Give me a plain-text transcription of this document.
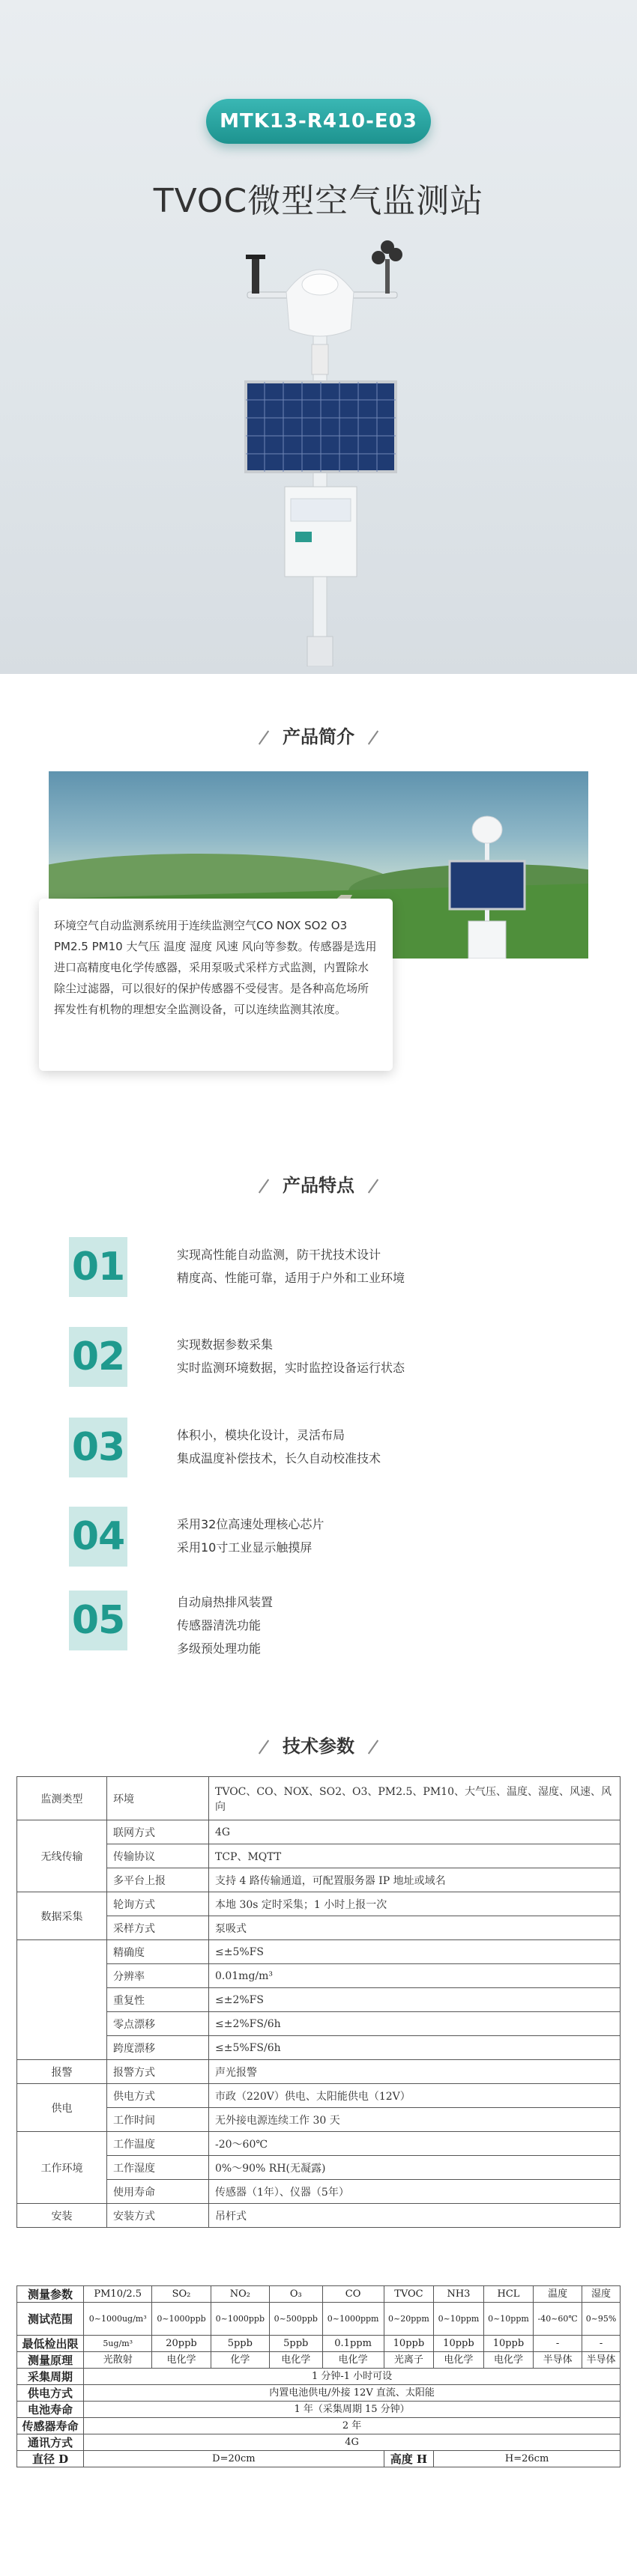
MTK13-R410-E03
TVOC微型空气监测站
产品简介
环境空气自动监测系统用于连续监测空气CO NOX SO2 O3 PM2.5 PM10 大气压 温度 湿度 风速 风向等参数。传感器是选用进口高精度电化学传感器，采用泵吸式采样方式监测，内置除水除尘过滤器，可以很好的保护传感器不受侵害。是各种高危场所挥发性有机物的理想安全监测设备，可以连续监测其浓度。
产品特点
01	实现高性能自动监测，防干扰技术设计
精度高、性能可靠，适用于户外和工业环境
02	实现数据参数采集
实时监测环境数据，实时监控设备运行状态
03	体积小，模块化设计，灵活布局
集成温度补偿技术，长久自动校准技术
04	采用32位高速处理核心芯片
采用10寸工业显示触摸屏
05	自动扇热排风装置
传感器清洗功能
多级预处理功能
技术参数
监测类型	环境	TVOC、CO、NOX、SO2、O3、PM2.5、PM10、大气压、温度、湿度、风速、风向
无线传输	联网方式	4G
	传输协议	TCP、MQTT
	多平台上报	支持 4 路传输通道，可配置服务器 IP 地址或域名
数据采集	轮询方式	本地 30s 定时采集；1 小时上报一次
	采样方式	泵吸式
	精确度	≤±5%FS
	分辨率	0.01mg/m³
	重复性	≤±2%FS
	零点漂移	≤±2%FS/6h
	跨度漂移	≤±5%FS/6h
报警	报警方式	声光报警
供电	供电方式	市政（220V）供电、太阳能供电（12V）
	工作时间	无外接电源连续工作 30 天
工作环境	工作温度	-20～60℃
	工作湿度	0%～90% RH(无凝露)
	使用寿命	传感器（1年）、仪器（5年）
安装	安装方式	吊杆式
测量参数	PM10/2.5	SO₂	NO₂	O₃	CO	TVOC	NH3	HCL	温度	湿度
测试范围	0~1000ug/m³	0~1000ppb	0~1000ppb	0~500ppb	0~1000ppm	0~20ppm	0~10ppm	0~10ppm	-40~60℃	0~95%
最低检出限	5ug/m³	20ppb	5ppb	5ppb	0.1ppm	10ppb	10ppb	10ppb	-	-
测量原理	光散射	电化学	化学	电化学	电化学	光离子	电化学	电化学	半导体	半导体
采集周期	1 分钟-1 小时可设									
供电方式	内置电池供电/外接 12V 直流、太阳能									
电池寿命	1 年（采集周期 15 分钟）									
传感器寿命	2 年									
通讯方式	4G									
直径 D	D=20cm					高度 H	H=26cm			
